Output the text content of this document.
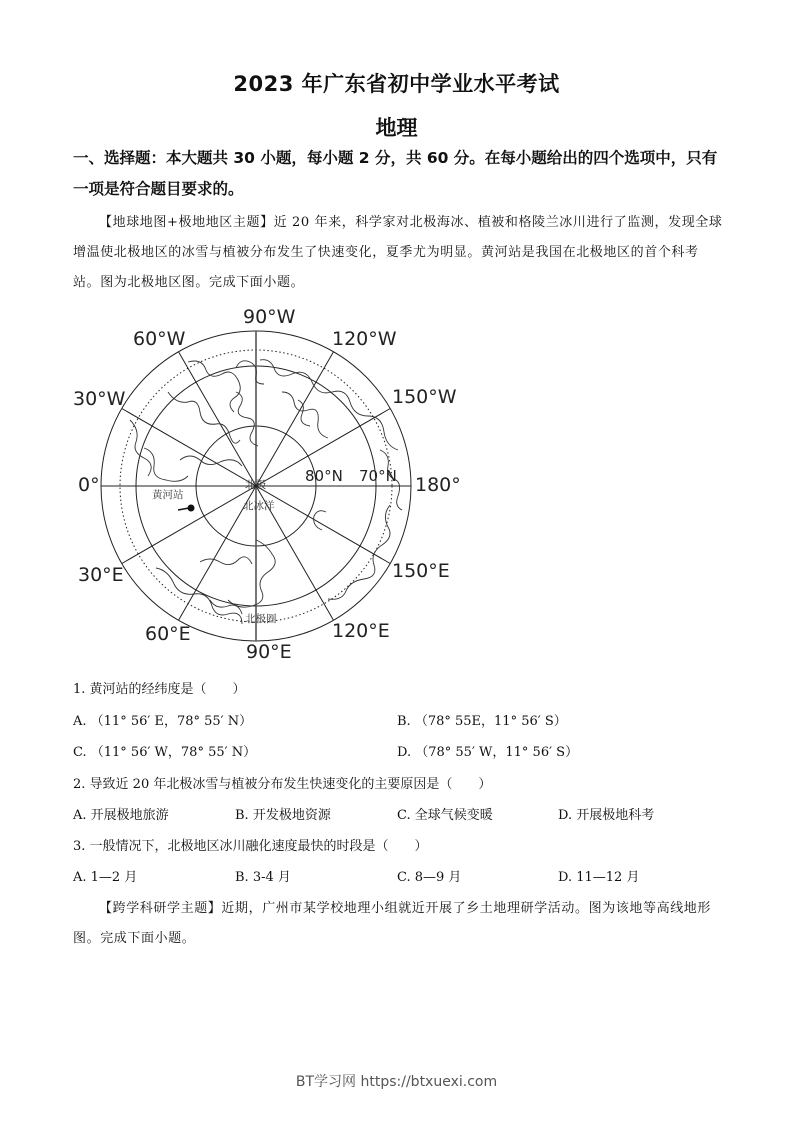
2023 年广东省初中学业水平考试
地理
一、选择题：本大题共 30 小题，每小题 2 分，共 60 分。在每小题给出的四个选项中，只有
一项是符合题目要求的。
【地球地图+极地地区主题】近 20 年来，科学家对北极海冰、植被和格陵兰冰川进行了监测，发现全球增温使北极地区的冰雪与植被分布发生了快速变化，夏季尤为明显。黄河站是我国在北极地区的首个科考站。图为北极地区图。完成下面小题。
90°W
60°W	120°W
30°W	150°W
0°	180°
30°E	150°E
60°E	120°E
90°E
80°N 70°N
黄河站
北极
北冰洋
北极圈
1. 黄河站的经纬度是（　　）
A. （11° 56′ E，78° 55′ N）	B. （78° 55E，11° 56′ S）
C. （11° 56′ W，78° 55′ N）	D. （78° 55′ W，11° 56′ S）
2. 导致近 20 年北极冰雪与植被分布发生快速变化的主要原因是（　　）
A. 开展极地旅游	B. 开发极地资源	C. 全球气候变暖	D. 开展极地科考
3. 一般情况下，北极地区冰川融化速度最快的时段是（　　）
A. 1—2 月	B. 3-4 月	C. 8—9 月	D. 11—12 月
【跨学科研学主题】近期，广州市某学校地理小组就近开展了乡土地理研学活动。图为该地等高线地形图。完成下面小题。
BT学习网 https://btxuexi.com
